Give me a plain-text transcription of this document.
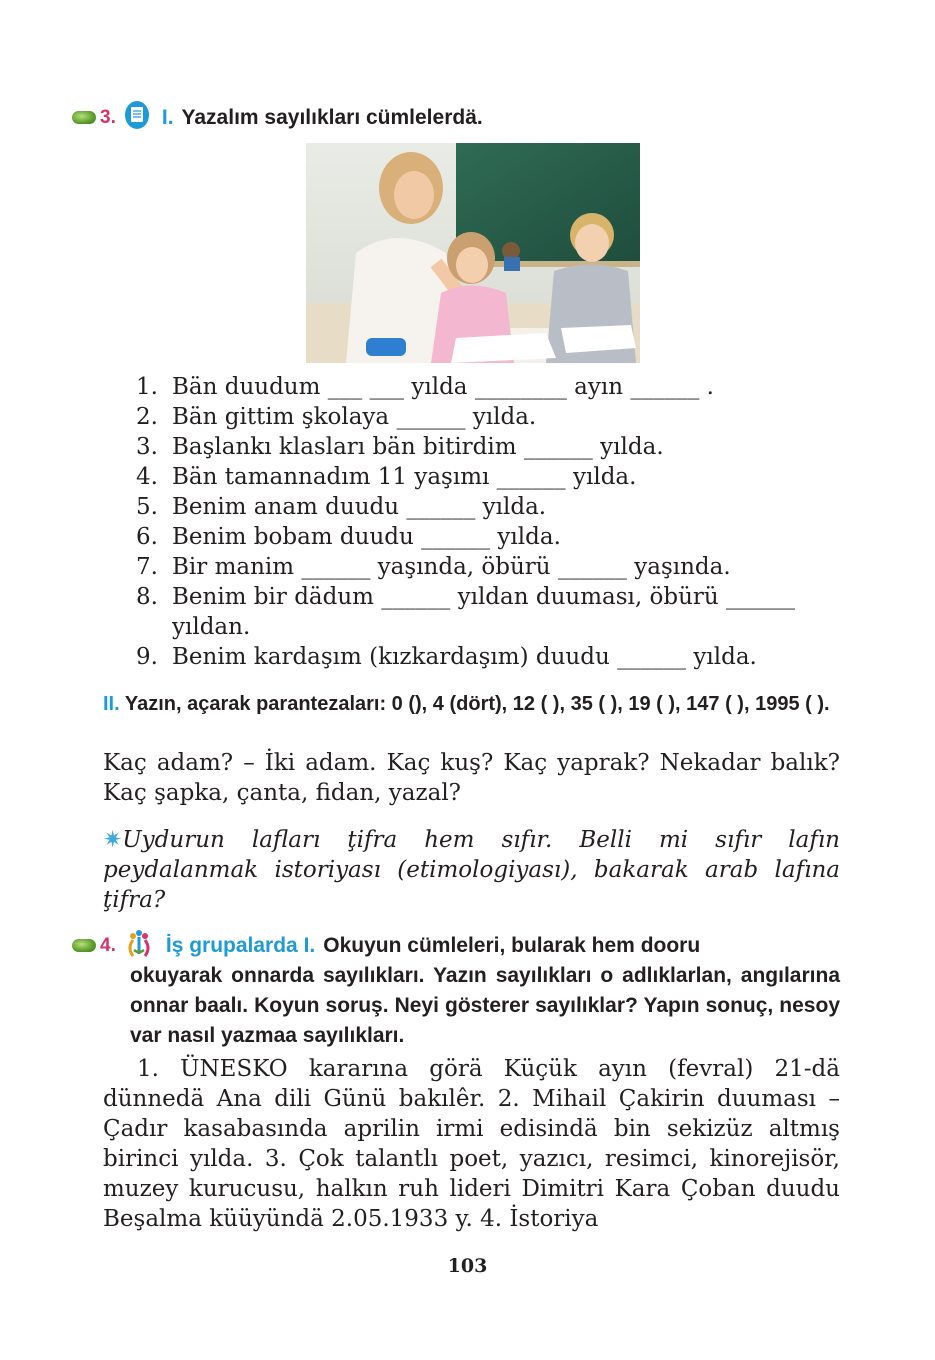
3. I. Yazalım sayılıkları cümlelerdä.
1. Bän duudum ___ ___ yılda ________ ayın ______ .
2. Bän gittim şkolaya ______ yılda.
3. Başlankı klasları bän bitirdim ______ yılda.
4. Bän tamannadım 11 yaşımı ______ yılda.
5. Benim anam duudu ______ yılda.
6. Benim bobam duudu ______ yılda.
7. Bir manim ______ yaşında, öbürü ______ yaşında.
8. Benim bir dädum ______ yıldan duuması, öbürü ______ yıldan.
9. Benim kardaşım (kızkardaşım) duudu ______ yılda.
II. Yazın, açarak parantezaları: 0 (), 4 (dört), 12 ( ), 35 ( ), 19 ( ), 147 ( ), 1995 ( ).
Kaç adam? – İki adam. Kaç kuş? Kaç yaprak? Nekadar balık? Kaç şapka, çanta, fidan, yazal?
✷Uydurun lafları ţifra hem sıfır. Belli mi sıfır lafın peydalanmak istoriyası (etimologiyası), bakarak arab lafına ţifra?
4. İş grupalarda I. Okuyun cümleleri, bularak hem dooru
okuyarak onnarda sayılıkları. Yazın sayılıkları o adlıklarlan, angılarına onnar baalı. Koyun soruş. Neyi gösterer sayılıklar? Yapın sonuç, nesoy var nasıl yazmaa sayılıkları.
1. ÜNESKO kararına görä Küçük ayın (fevral) 21-dä dünnedä Ana dili Günü bakılêr. 2. Mihail Çakirin duuması – Çadır kasabasında aprilin irmi edisindä bin sekizüz altmış birinci yılda. 3. Çok talantlı poet, yazıcı, resimci, kinorejisör, muzey kurucusu, halkın ruh lideri Dimitri Kara Çoban duudu Beşalma küüyündä 2.05.1933 y. 4. İstoriya
103
